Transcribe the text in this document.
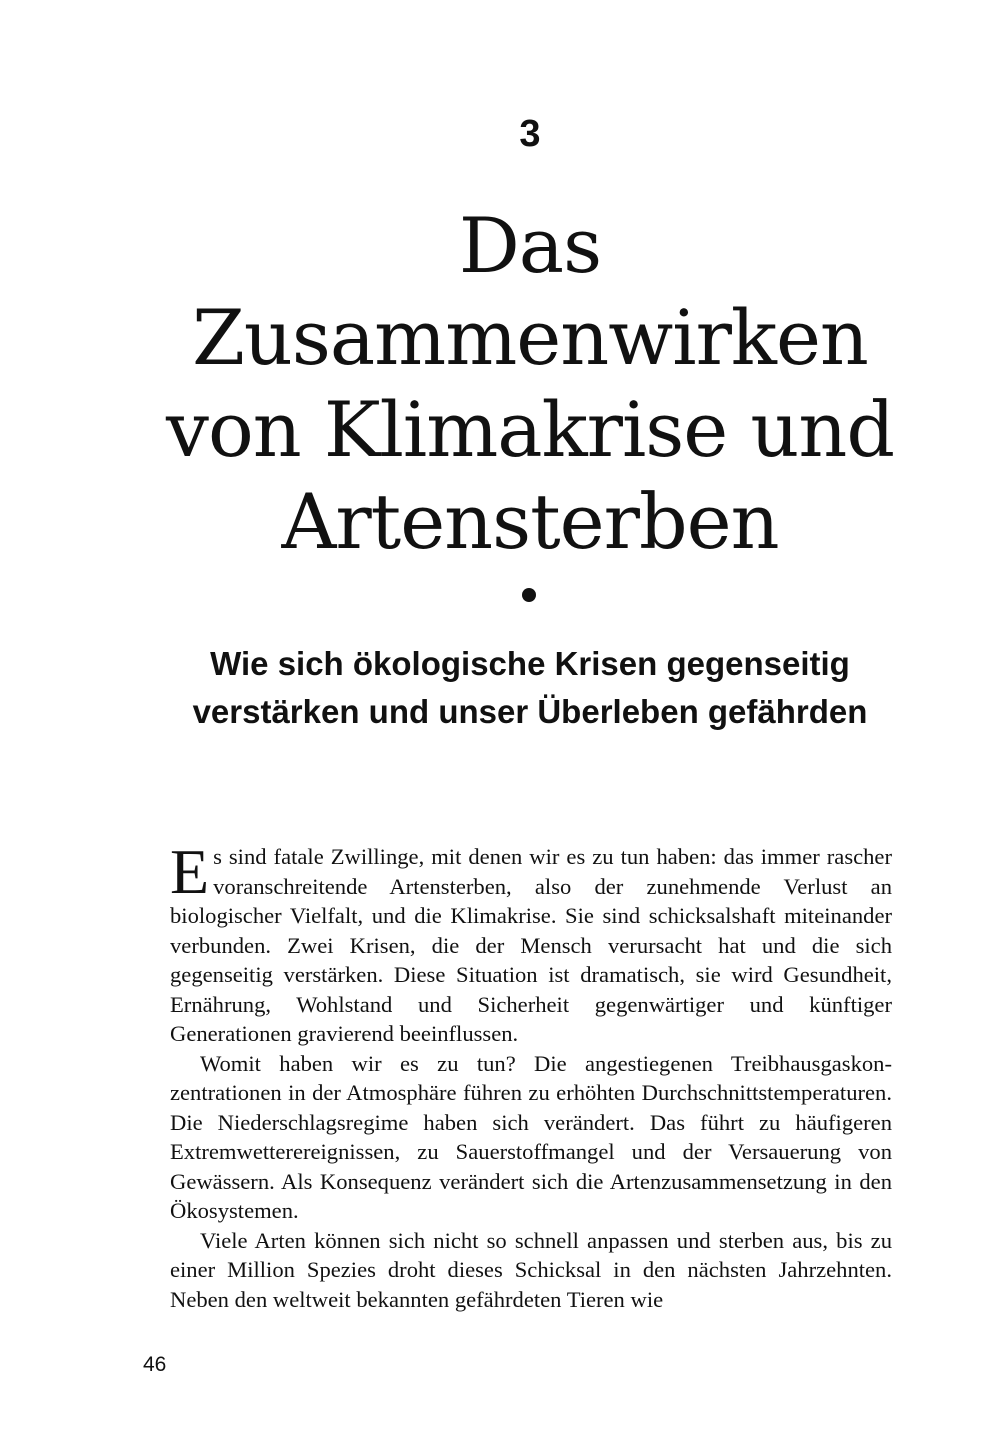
3
Das Zusammenwirken von Klimakrise und Artensterben
Wie sich ökologische Krisen gegenseitig verstärken und unser Überleben gefährden

Es sind fatale Zwillinge, mit denen wir es zu tun haben: das immer rascher voranschreitende Artensterben, also der zunehmende Verlust an biologischer Vielfalt, und die Klimakrise. Sie sind schicksalshaft miteinander verbunden. Zwei Krisen, die der Mensch verursacht hat und die sich gegenseitig verstärken. Diese Situation ist dramatisch, sie wird Gesundheit, Ernährung, Wohlstand und Sicherheit gegenwärtiger und künftiger Generationen gravierend beeinflussen.

Womit haben wir es zu tun? Die angestiegenen Treibhausgaskonzentrationen in der Atmosphäre führen zu erhöhten Durchschnittstemperaturen. Die Niederschlagsregime haben sich verändert. Das führt zu häufigeren Extremwetterereignissen, zu Sauerstoffmangel und der Versauerung von Gewässern. Als Konsequenz verändert sich die Artenzusammensetzung in den Ökosystemen.

Viele Arten können sich nicht so schnell anpassen und sterben aus, bis zu einer Million Spezies droht dieses Schicksal in den nächsten Jahrzehnten. Neben den weltweit bekannten gefährdeten Tieren wie

46
